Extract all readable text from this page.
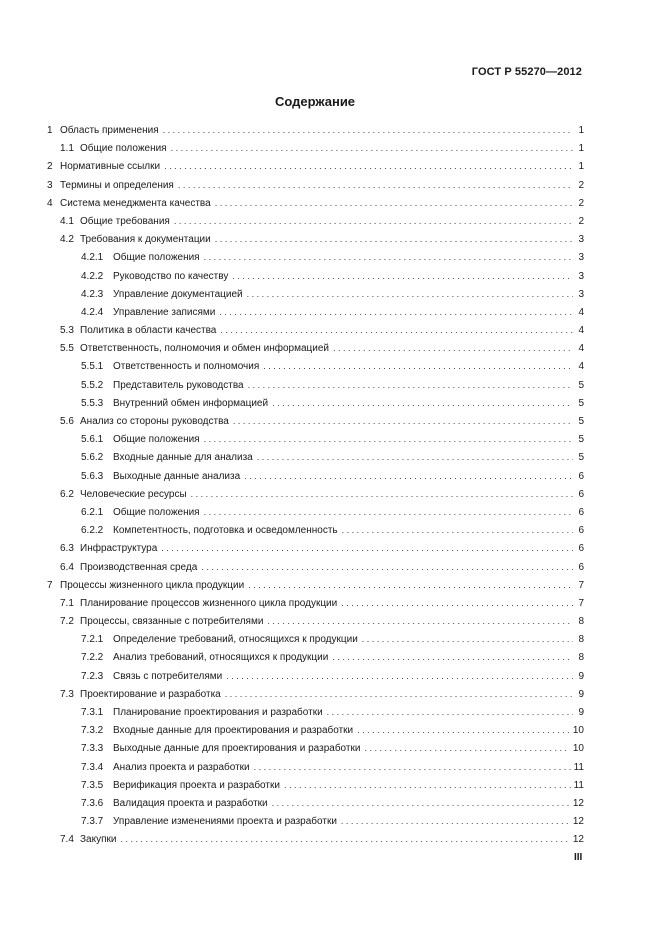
ГОСТ Р 55270—2012
Содержание
1 Область применения . . .	1
1.1 Общие положения . . .	1
2 Нормативные ссылки . . .	1
3 Термины и определения . . .	2
4 Система менеджмента качества . . .	2
4.1 Общие требования . . .	2
4.2 Требования к документации . . .	3
4.2.1 Общие положения . . .	3
4.2.2 Руководство по качеству . . .	3
4.2.3 Управление документацией . . .	3
4.2.4 Управление записями . . .	4
5.3 Политика в области качества . . .	4
5.5 Ответственность, полномочия и обмен информацией . . .	4
5.5.1 Ответственность и полномочия . . .	4
5.5.2 Представитель руководства . . .	5
5.5.3 Внутренний обмен информацией . . .	5
5.6 Анализ со стороны руководства . . .	5
5.6.1 Общие положения . . .	5
5.6.2 Входные данные для анализа . . .	5
5.6.3 Выходные данные анализа . . .	6
6.2 Человеческие ресурсы . . .	6
6.2.1 Общие положения . . .	6
6.2.2 Компетентность, подготовка и осведомленность . . .	6
6.3 Инфраструктура . . .	6
6.4 Производственная среда . . .	6
7 Процессы жизненного цикла продукции . . .	7
7.1 Планирование процессов жизненного цикла продукции . . .	7
7.2 Процессы, связанные с потребителями . . .	8
7.2.1 Определение требований, относящихся к продукции . . .	8
7.2.2 Анализ требований, относящихся к продукции . . .	8
7.2.3 Связь с потребителями . . .	9
7.3 Проектирование и разработка . . .	9
7.3.1 Планирование проектирования и разработки . . .	9
7.3.2 Входные данные для проектирования и разработки . . .	10
7.3.3 Выходные данные для проектирования и разработки . . .	10
7.3.4 Анализ проекта и разработки . . .	11
7.3.5 Верификация проекта и разработки . . .	11
7.3.6 Валидация проекта и разработки . . .	12
7.3.7 Управление изменениями проекта и разработки . . .	12
7.4 Закупки . . .	12
III
